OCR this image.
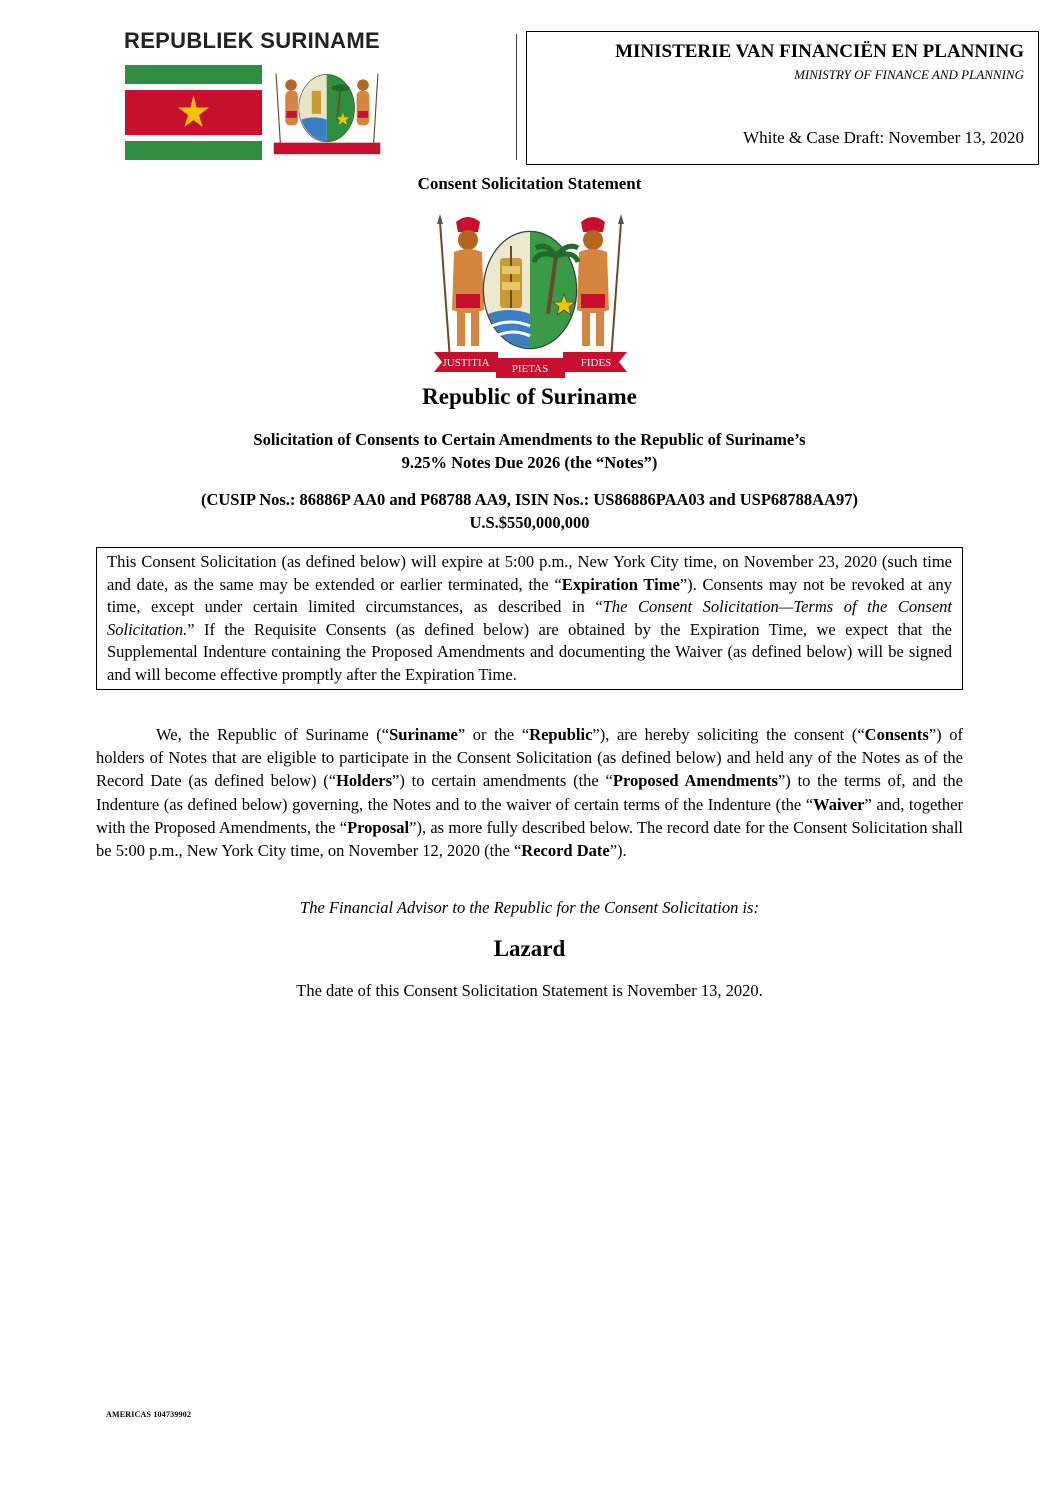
REPUBLIEK SURINAME	MINISTERIE VAN FINANCIËN EN PLANNING
MINISTRY OF FINANCE AND PLANNING
White & Case Draft: November 13, 2020
Consent Solicitation Statement
JUSTITIA PIETAS	FIDES
Republic of Suriname
Solicitation of Consents to Certain Amendments to the Republic of Suriname’s
9.25% Notes Due 2026 (the “Notes”)
(CUSIP Nos.: 86886P AA0 and P68788 AA9, ISIN Nos.: US86886PAA03 and USP68788AA97)
U.S.$550,000,000
This Consent Solicitation (as defined below) will expire at 5:00 p.m., New York City time, on November 23, 2020 (such time and date, as the same may be extended or earlier terminated, the “Expiration Time”). Consents may not be revoked at any time, except under certain limited circumstances, as described in “The Consent Solicitation—Terms of the Consent Solicitation.” If the Requisite Consents (as defined below) are obtained by the Expiration Time, we expect that the Supplemental Indenture containing the Proposed Amendments and documenting the Waiver (as defined below) will be signed and will become effective promptly after the Expiration Time.
We, the Republic of Suriname (“Suriname” or the “Republic”), are hereby soliciting the consent (“Consents”) of holders of Notes that are eligible to participate in the Consent Solicitation (as defined below) and held any of the Notes as of the Record Date (as defined below) (“Holders”) to certain amendments (the “Proposed Amendments”) to the terms of, and the Indenture (as defined below) governing, the Notes and to the waiver of certain terms of the Indenture (the “Waiver” and, together with the Proposed Amendments, the “Proposal”), as more fully described below. The record date for the Consent Solicitation shall be 5:00 p.m., New York City time, on November 12, 2020 (the “Record Date”).
The Financial Advisor to the Republic for the Consent Solicitation is:
Lazard
The date of this Consent Solicitation Statement is November 13, 2020.
AMERICAS 104739902
